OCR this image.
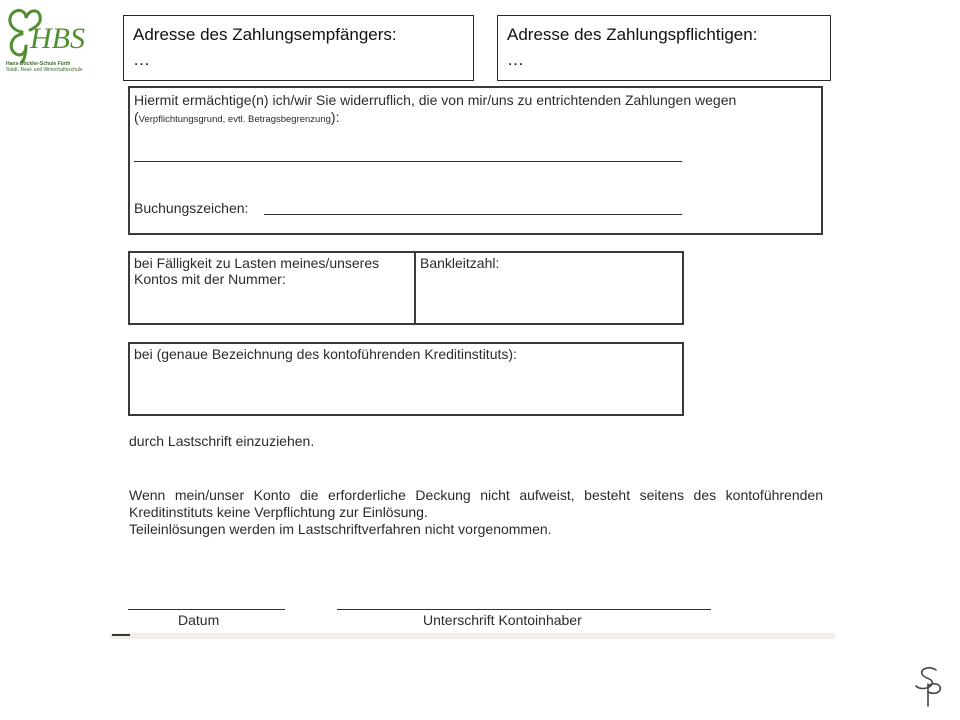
HBS
Hans-Böckler-Schule Fürth
Städt. Real- und Wirtschaftsschule
Adresse des Zahlungsempfängers:
…
Adresse des Zahlungspflichtigen:
…
Hiermit ermächtige(n) ich/wir Sie widerruflich, die von mir/uns zu entrichtenden Zahlungen wegen
(Verpflichtungsgrund, evtl. Betragsbegrenzung):
Buchungszeichen:
bei Fälligkeit zu Lasten meines/unseres
Kontos mit der Nummer:
Bankleitzahl:
bei (genaue Bezeichnung des kontoführenden Kreditinstituts):
durch Lastschrift einzuziehen.
Wenn mein/unser Konto die erforderliche Deckung nicht aufweist, besteht seitens des kontoführenden Kreditinstituts keine Verpflichtung zur Einlösung.
Teileinlösungen werden im Lastschriftverfahren nicht vorgenommen.
Datum	Unterschrift Kontoinhaber
